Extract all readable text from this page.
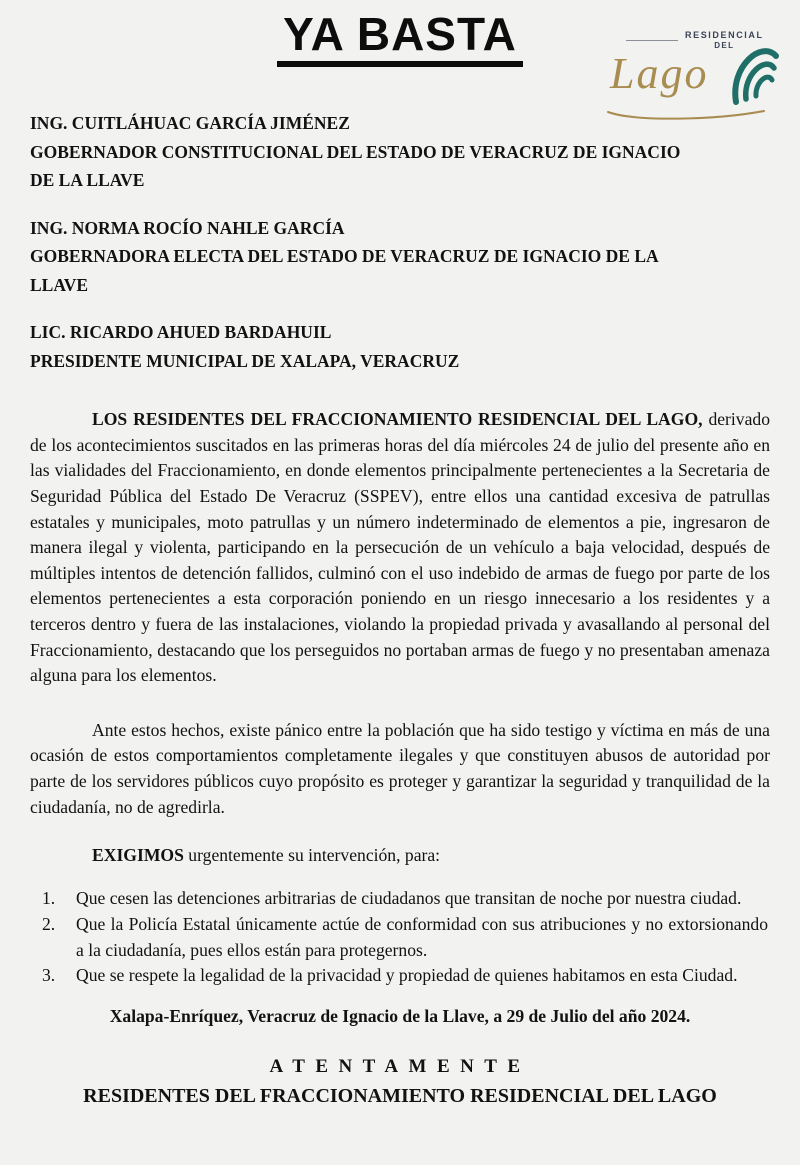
YA BASTA	RESIDENCIAL
DEL
Lago
ING. CUITLÁHUAC GARCÍA JIMÉNEZ
GOBERNADOR CONSTITUCIONAL DEL ESTADO DE VERACRUZ DE IGNACIO DE LA LLAVE
ING. NORMA ROCÍO NAHLE GARCÍA
GOBERNADORA ELECTA DEL ESTADO DE VERACRUZ DE IGNACIO DE LA LLAVE
LIC. RICARDO AHUED BARDAHUIL
PRESIDENTE MUNICIPAL DE XALAPA, VERACRUZ

LOS RESIDENTES DEL FRACCIONAMIENTO RESIDENCIAL DEL LAGO, derivado de los acontecimientos suscitados en las primeras horas del día miércoles 24 de julio del presente año en las vialidades del Fraccionamiento, en donde elementos principalmente pertenecientes a la Secretaria de Seguridad Pública del Estado De Veracruz (SSPEV), entre ellos una cantidad excesiva de patrullas estatales y municipales, moto patrullas y un número indeterminado de elementos a pie, ingresaron de manera ilegal y violenta, participando en la persecución de un vehículo a baja velocidad, después de múltiples intentos de detención fallidos, culminó con el uso indebido de armas de fuego por parte de los elementos pertenecientes a esta corporación poniendo en un riesgo innecesario a los residentes y a terceros dentro y fuera de las instalaciones, violando la propiedad privada y avasallando al personal del Fraccionamiento, destacando que los perseguidos no portaban armas de fuego y no presentaban amenaza alguna para los elementos.

Ante estos hechos, existe pánico entre la población que ha sido testigo y víctima en más de una ocasión de estos comportamientos completamente ilegales y que constituyen abusos de autoridad por parte de los servidores públicos cuyo propósito es proteger y garantizar la seguridad y tranquilidad de la ciudadanía, no de agredirla.

EXIGIMOS urgentemente su intervención, para:

1.	Que cesen las detenciones arbitrarias de ciudadanos que transitan de noche por nuestra ciudad.
2.	Que la Policía Estatal únicamente actúe de conformidad con sus atribuciones y no extorsionando a la ciudadanía, pues ellos están para protegernos.
3.	Que se respete la legalidad de la privacidad y propiedad de quienes habitamos en esta Ciudad.
Xalapa-Enríquez, Veracruz de Ignacio de la Llave, a 29 de Julio del año 2024.
ATENTAMENTE
RESIDENTES DEL FRACCIONAMIENTO RESIDENCIAL DEL LAGO
